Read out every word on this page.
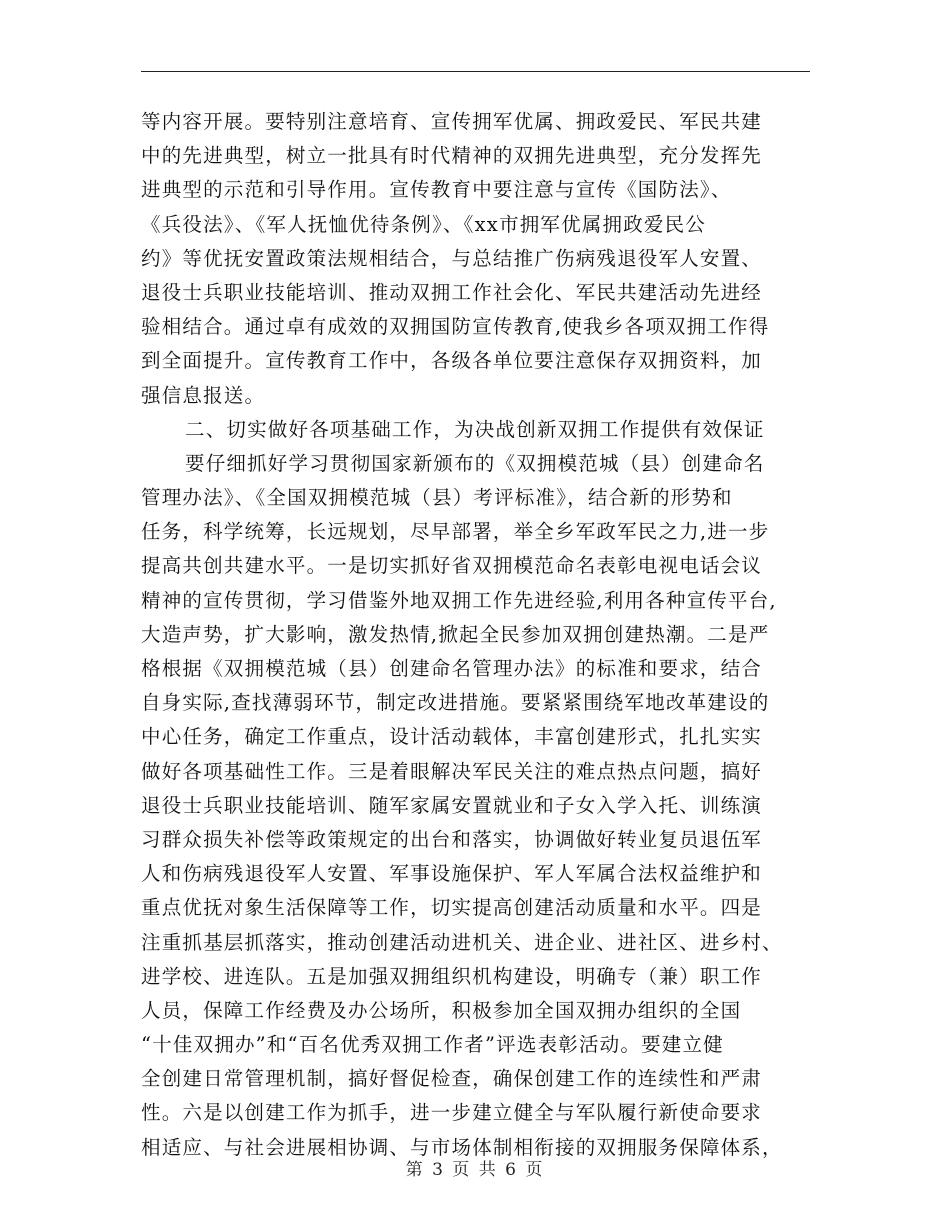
等内容开展。要特别注意培育、宣传拥军优属、拥政爱民、军民共建
中的先进典型，树立一批具有时代精神的双拥先进典型，充分发挥先
进典型的示范和引导作用。宣传教育中要注意与宣传《国防法》、
《兵役法》、《军人抚恤优待条例》、《xx市拥军优属拥政爱民公
约》等优抚安置政策法规相结合，与总结推广伤病残退役军人安置、
退役士兵职业技能培训、推动双拥工作社会化、军民共建活动先进经
验相结合。通过卓有成效的双拥国防宣传教育,使我乡各项双拥工作得
到全面提升。宣传教育工作中，各级各单位要注意保存双拥资料，加
强信息报送。
二、切实做好各项基础工作，为决战创新双拥工作提供有效保证
要仔细抓好学习贯彻国家新颁布的《双拥模范城（县）创建命名
管理办法》、《全国双拥模范城（县）考评标准》，结合新的形势和
任务，科学统筹，长远规划，尽早部署，举全乡军政军民之力,进一步
提高共创共建水平。一是切实抓好省双拥模范命名表彰电视电话会议
精神的宣传贯彻，学习借鉴外地双拥工作先进经验,利用各种宣传平台,
大造声势，扩大影响，激发热情,掀起全民参加双拥创建热潮。二是严
格根据《双拥模范城（县）创建命名管理办法》的标准和要求，结合
自身实际,查找薄弱环节，制定改进措施。要紧紧围绕军地改革建设的
中心任务，确定工作重点，设计活动载体，丰富创建形式，扎扎实实
做好各项基础性工作。三是着眼解决军民关注的难点热点问题，搞好
退役士兵职业技能培训、随军家属安置就业和子女入学入托、训练演
习群众损失补偿等政策规定的出台和落实，协调做好转业复员退伍军
人和伤病残退役军人安置、军事设施保护、军人军属合法权益维护和
重点优抚对象生活保障等工作，切实提高创建活动质量和水平。四是
注重抓基层抓落实，推动创建活动进机关、进企业、进社区、进乡村、
进学校、进连队。五是加强双拥组织机构建设，明确专（兼）职工作
人员，保障工作经费及办公场所，积极参加全国双拥办组织的全国
“十佳双拥办”和“百名优秀双拥工作者”评选表彰活动。要建立健
全创建日常管理机制，搞好督促检查，确保创建工作的连续性和严肃
性。六是以创建工作为抓手，进一步建立健全与军队履行新使命要求
相适应、与社会进展相协调、与市场体制相衔接的双拥服务保障体系，
第 3 页 共 6 页
